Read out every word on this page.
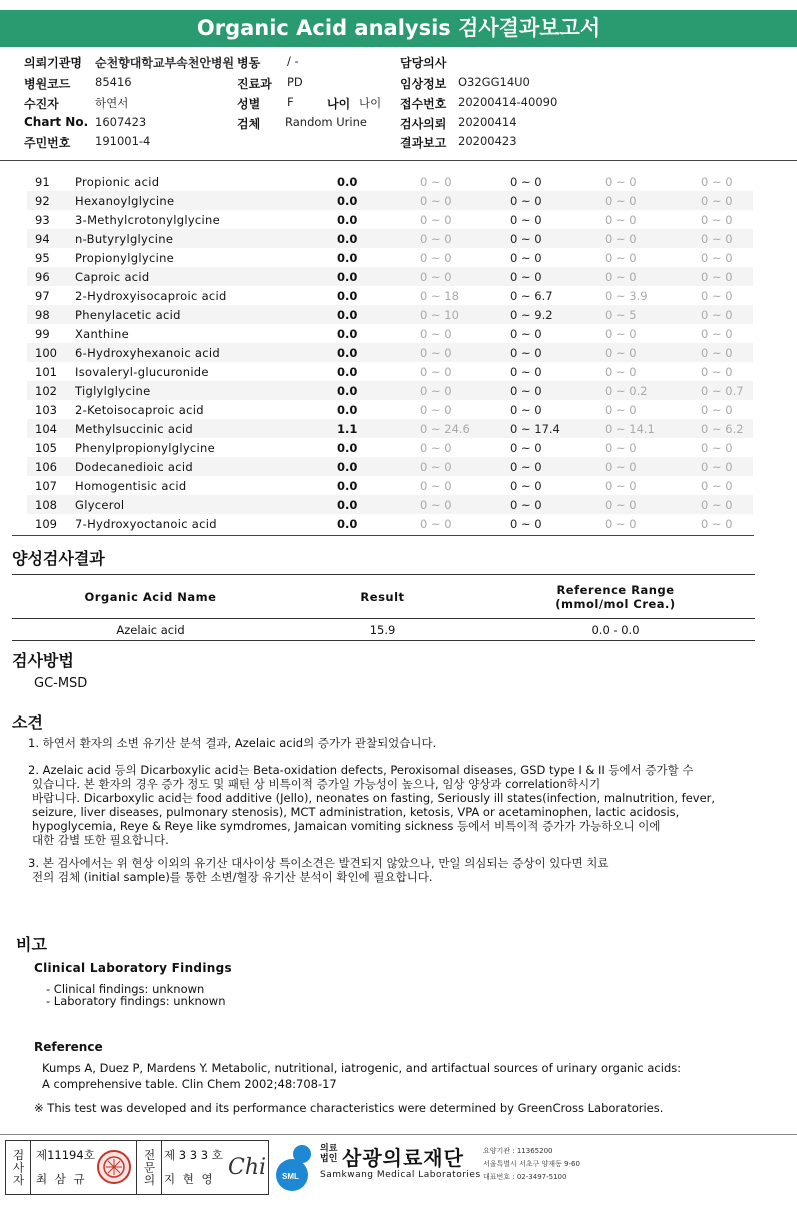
Organic Acid analysis 검사결과보고서
의뢰기관명 순천향대학교부속천안병원 병동 / -	담당의사
병원코드 85416	진료과 PD	임상정보 O32GG14U0
수진자	하연서	성별 F	나이 나이 접수번호 20200414-40090
Chart No. 1607423	검체 Random Urine	검사의뢰 20200414
주민번호 191001-4	결과보고 20200423
91	Propionic acid	0.0	0 ~ 0	0 ~ 0	0 ~ 0	0 ~ 0
92	Hexanoylglycine	0.0	0 ~ 0	0 ~ 0	0 ~ 0	0 ~ 0
93	3-Methylcrotonylglycine	0.0	0 ~ 0	0 ~ 0	0 ~ 0	0 ~ 0
94	n-Butyrylglycine	0.0	0 ~ 0	0 ~ 0	0 ~ 0	0 ~ 0
95	Propionylglycine	0.0	0 ~ 0	0 ~ 0	0 ~ 0	0 ~ 0
96	Caproic acid	0.0	0 ~ 0	0 ~ 0	0 ~ 0	0 ~ 0
97	2-Hydroxyisocaproic acid	0.0	0 ~ 18	0 ~ 6.7	0 ~ 3.9	0 ~ 0
98	Phenylacetic acid	0.0	0 ~ 10	0 ~ 9.2	0 ~ 5	0 ~ 0
99	Xanthine	0.0	0 ~ 0	0 ~ 0	0 ~ 0	0 ~ 0
100	6-Hydroxyhexanoic acid	0.0	0 ~ 0	0 ~ 0	0 ~ 0	0 ~ 0
101	Isovaleryl-glucuronide	0.0	0 ~ 0	0 ~ 0	0 ~ 0	0 ~ 0
102	Tiglylglycine	0.0	0 ~ 0	0 ~ 0	0 ~ 0.2	0 ~ 0.7
103	2-Ketoisocaproic acid	0.0	0 ~ 0	0 ~ 0	0 ~ 0	0 ~ 0
104	Methylsuccinic acid	1.1	0 ~ 24.6	0 ~ 17.4	0 ~ 14.1	0 ~ 6.2
105	Phenylpropionylglycine	0.0	0 ~ 0	0 ~ 0	0 ~ 0	0 ~ 0
106	Dodecanedioic acid	0.0	0 ~ 0	0 ~ 0	0 ~ 0	0 ~ 0
107	Homogentisic acid	0.0	0 ~ 0	0 ~ 0	0 ~ 0	0 ~ 0
108	Glycerol	0.0	0 ~ 0	0 ~ 0	0 ~ 0	0 ~ 0
109	7-Hydroxyoctanoic acid	0.0	0 ~ 0	0 ~ 0	0 ~ 0	0 ~ 0
양성검사결과
Organic Acid Name	Result	Reference Range
(mmol/mol Crea.)

Azelaic acid	15.9	0.0 - 0.0
검사방법
GC-MSD
소견
1. 하연서 환자의 소변 유기산 분석 결과, Azelaic acid의 증가가 관찰되었습니다.
2. Azelaic acid 등의 Dicarboxylic acid는 Beta-oxidation defects, Peroxisomal diseases, GSD type I & II 등에서 증가할 수
있습니다. 본 환자의 경우 증가 정도 및 패턴 상 비특이적 증가일 가능성이 높으나, 임상 양상과 correlation하시기
바랍니다. Dicarboxylic acid는 food additive (Jello), neonates on fasting, Seriously ill states(infection, malnutrition, fever,
seizure, liver diseases, pulmonary stenosis), MCT administration, ketosis, VPA or acetaminophen, lactic acidosis,
hypoglycemia, Reye & Reye like symdromes, Jamaican vomiting sickness 등에서 비특이적 증가가 가능하오니 이에
대한 감별 또한 필요합니다.
3. 본 검사에서는 위 현상 이외의 유기산 대사이상 특이소견은 발견되지 않았으나, 만일 의심되는 증상이 있다면 치료
전의 검체 (initial sample)를 통한 소변/혈장 유기산 분석이 확인에 필요합니다.
비고
Clinical Laboratory Findings
- Clinical findings: unknown
- Laboratory findings: unknown
Reference
Kumps A, Duez P, Mardens Y. Metabolic, nutritional, iatrogenic, and artifactual sources of urinary organic acids:
A comprehensive table. Clin Chem 2002;48:708-17
※ This test was developed and its performance characteristics were determined by GreenCross Laboratories.
검사자 제11194호
최 삼 규	전문의 제 3 3 3 호
지 현 영 Chi SML
의료
법인 삼광의료재단
Samkwang Medical Laboratories
요양기관 : 11365200
서울특별시 서초구 양재동 9-60
대표번호 : 02-3497-5100
